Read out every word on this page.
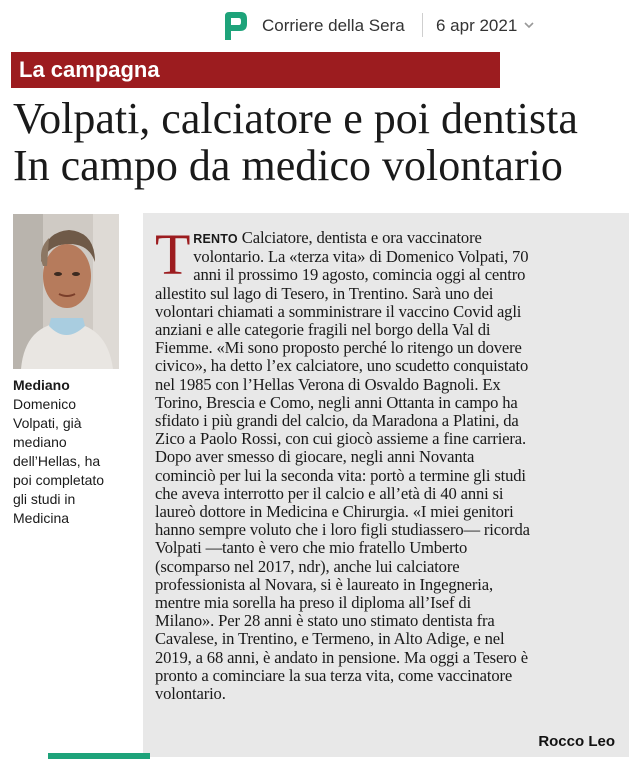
Corriere della Sera 6 apr 2021
La campagna
Volpati, calciatore e poi dentista
In campo da medico volontario
Mediano
Domenico
Volpati, già
mediano
dell’Hellas, ha
poi completato
gli studi in
Medicina
T RENTO Calciatore, dentista e ora vaccinatore
volontario. La «terza vita» di Domenico Volpati, 70
anni il prossimo 19 agosto, comincia oggi al centro
allestito sul lago di Tesero, in Trentino. Sarà uno dei
volontari chiamati a somministrare il vaccino Covid agli
anziani e alle categorie fragili nel borgo della Val di
Fiemme. «Mi sono proposto perché lo ritengo un dovere
civico», ha detto l’ex calciatore, uno scudetto conquistato
nel 1985 con l’Hellas Verona di Osvaldo Bagnoli. Ex
Torino, Brescia e Como, negli anni Ottanta in campo ha
sfidato i più grandi del calcio, da Maradona a Platini, da
Zico a Paolo Rossi, con cui giocò assieme a fine carriera.
Dopo aver smesso di giocare, negli anni Novanta
cominciò per lui la seconda vita: portò a termine gli studi
che aveva interrotto per il calcio e all’età di 40 anni si
laureò dottore in Medicina e Chirurgia. «I miei genitori
hanno sempre voluto che i loro figli studiassero— ricorda
Volpati —tanto è vero che mio fratello Umberto
(scomparso nel 2017, ndr), anche lui calciatore
professionista al Novara, si è laureato in Ingegneria,
mentre mia sorella ha preso il diploma all’Isef di
Milano». Per 28 anni è stato uno stimato dentista fra
Cavalese, in Trentino, e Termeno, in Alto Adige, e nel
2019, a 68 anni, è andato in pensione. Ma oggi a Tesero è
pronto a cominciare la sua terza vita, come vaccinatore
volontario.
Rocco Leo
